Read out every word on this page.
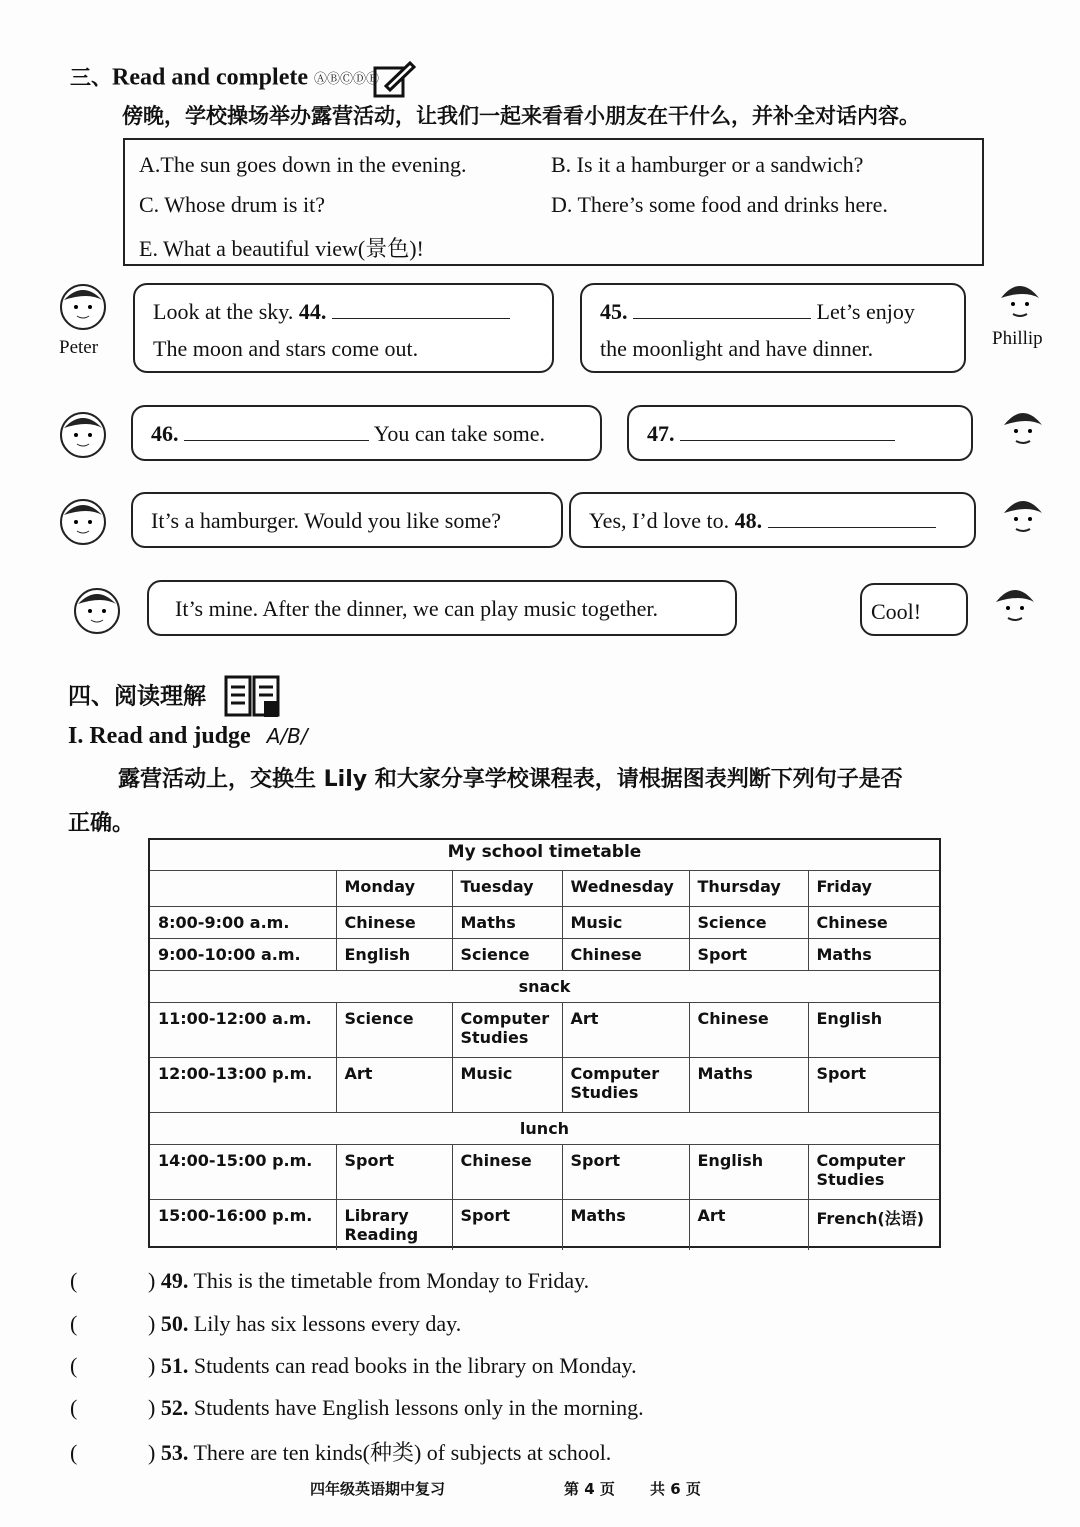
三、Read and complete ⒶⒷⒸⒹⒺ
傍晚，学校操场举办露营活动，让我们一起来看看小朋友在干什么，并补全对话内容。
A.The sun goes down in the evening.	B. Is it a hamburger or a sandwich?
C. Whose drum is it?	D. There’s some food and drinks here.
E. What a beautiful view(景色)!
Peter	Phillip
Look at the sky. 44.
The moon and stars come out.
45.	Let’s enjoy
the moonlight and have dinner.
46.	You can take some.	47.
It’s a hamburger. Would you like some?	Yes, I’d love to. 48.
It’s mine. After the dinner, we can play music together.	Cool!
四、阅读理解
I. Read and judge A/B/
露营活动上，交换生 Lily 和大家分享学校课程表，请根据图表判断下列句子是否
正确。
My school timetable					
	Monday	Tuesday	Wednesday	Thursday	Friday
8:00-9:00 a.m.	Chinese	Maths	Music	Science	Chinese
9:00-10:00 a.m.	English	Science	Chinese	Sport	Maths
snack					
11:00-12:00 a.m.	Science	Computer Studies	Art	Chinese	English
12:00-13:00 p.m.	Art	Music	Computer Studies	Maths	Sport
lunch					
14:00-15:00 p.m.	Sport	Chinese	Sport	English	Computer Studies
15:00-16:00 p.m.	Library Reading	Sport	Maths	Art	French(法语)
(	) 49. This is the timetable from Monday to Friday.
(	) 50. Lily has six lessons every day.
(	) 51. Students can read books in the library on Monday.
(	) 52. Students have English lessons only in the morning.
(	) 53. There are ten kinds(种类) of subjects at school.
四年级英语期中复习	第 4 页 共 6 页
